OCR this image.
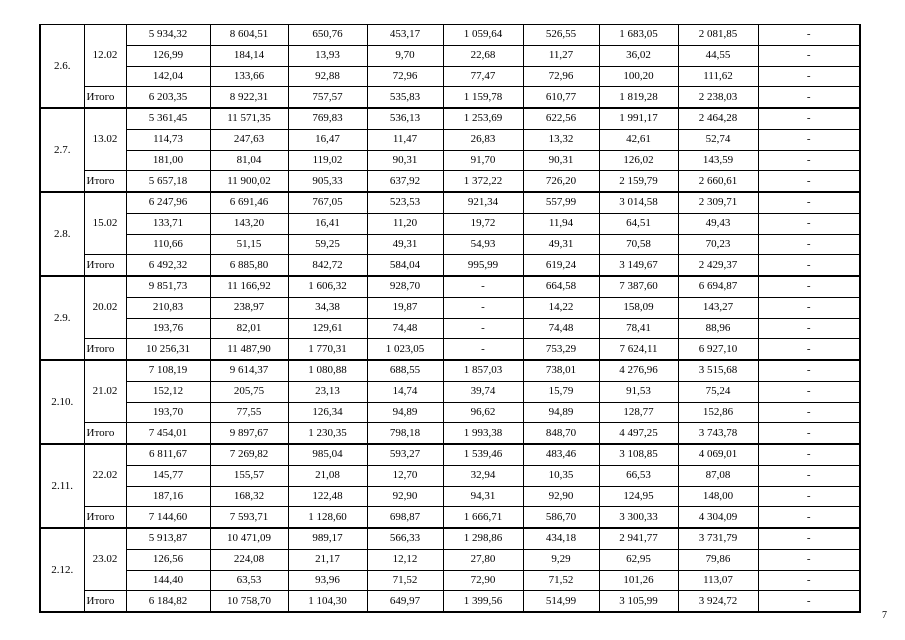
2.6.	12.02	5 934,32	8 604,51	650,76	453,17	1 059,64	526,55	1 683,05	2 081,85	-
		126,99	184,14	13,93	9,70	22,68	11,27	36,02	44,55	-
		142,04	133,66	92,88	72,96	77,47	72,96	100,20	111,62	-
	Итого	6 203,35	8 922,31	757,57	535,83	1 159,78	610,77	1 819,28	2 238,03	-
2.7.	13.02	5 361,45	11 571,35	769,83	536,13	1 253,69	622,56	1 991,17	2 464,28	-
		114,73	247,63	16,47	11,47	26,83	13,32	42,61	52,74	-
		181,00	81,04	119,02	90,31	91,70	90,31	126,02	143,59	-
	Итого	5 657,18	11 900,02	905,33	637,92	1 372,22	726,20	2 159,79	2 660,61	-
2.8.	15.02	6 247,96	6 691,46	767,05	523,53	921,34	557,99	3 014,58	2 309,71	-
		133,71	143,20	16,41	11,20	19,72	11,94	64,51	49,43	-
		110,66	51,15	59,25	49,31	54,93	49,31	70,58	70,23	-
	Итого	6 492,32	6 885,80	842,72	584,04	995,99	619,24	3 149,67	2 429,37	-
2.9.	20.02	9 851,73	11 166,92	1 606,32	928,70	-	664,58	7 387,60	6 694,87	-
		210,83	238,97	34,38	19,87	-	14,22	158,09	143,27	-
		193,76	82,01	129,61	74,48	-	74,48	78,41	88,96	-
	Итого	10 256,31	11 487,90	1 770,31	1 023,05	-	753,29	7 624,11	6 927,10	-
2.10.	21.02	7 108,19	9 614,37	1 080,88	688,55	1 857,03	738,01	4 276,96	3 515,68	-
		152,12	205,75	23,13	14,74	39,74	15,79	91,53	75,24	-
		193,70	77,55	126,34	94,89	96,62	94,89	128,77	152,86	-
	Итого	7 454,01	9 897,67	1 230,35	798,18	1 993,38	848,70	4 497,25	3 743,78	-
2.11.	22.02	6 811,67	7 269,82	985,04	593,27	1 539,46	483,46	3 108,85	4 069,01	-
		145,77	155,57	21,08	12,70	32,94	10,35	66,53	87,08	-
		187,16	168,32	122,48	92,90	94,31	92,90	124,95	148,00	-
	Итого	7 144,60	7 593,71	1 128,60	698,87	1 666,71	586,70	3 300,33	4 304,09	-
2.12.	23.02	5 913,87	10 471,09	989,17	566,33	1 298,86	434,18	2 941,77	3 731,79	-
		126,56	224,08	21,17	12,12	27,80	9,29	62,95	79,86	-
		144,40	63,53	93,96	71,52	72,90	71,52	101,26	113,07	-
	Итого	6 184,82	10 758,70	1 104,30	649,97	1 399,56	514,99	3 105,99	3 924,72	-
7
